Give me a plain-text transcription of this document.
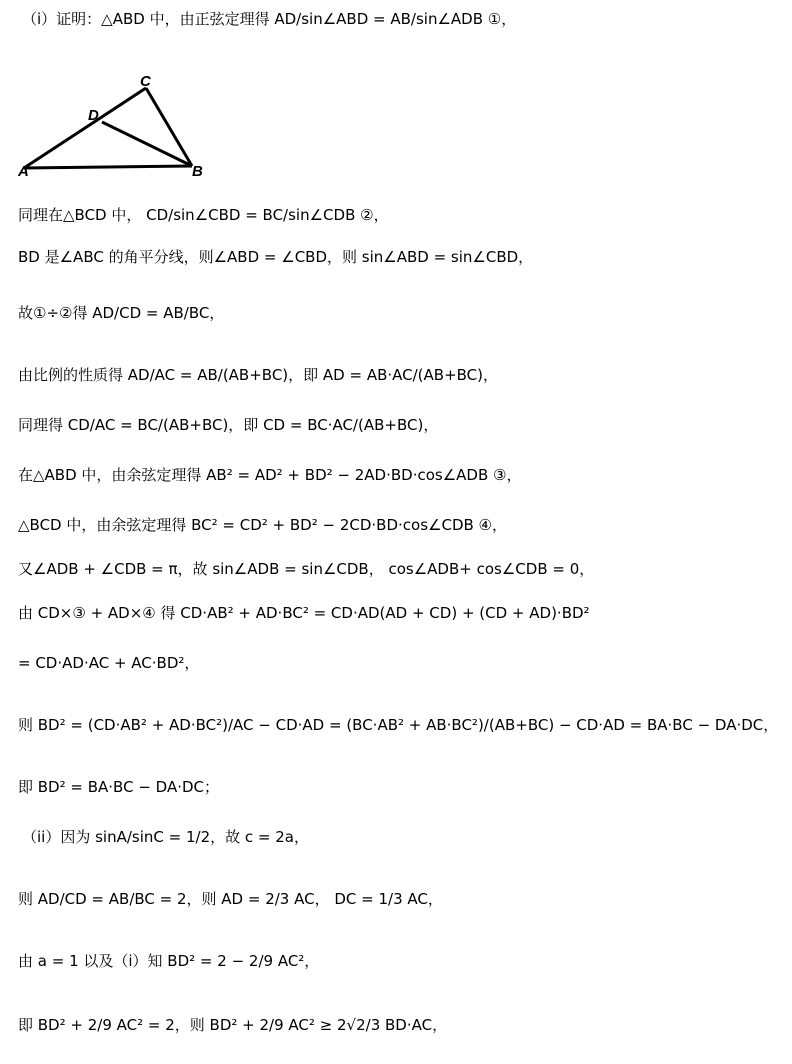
A	B
C
D
（i）证明：△ABD 中，由正弦定理得 AD/sin∠ABD = AB/sin∠ADB ①，
同理在△BCD 中， CD/sin∠CBD = BC/sin∠CDB ②，
BD 是∠ABC 的角平分线，则∠ABD = ∠CBD，则 sin∠ABD = sin∠CBD，
故①÷②得 AD/CD = AB/BC，
由比例的性质得 AD/AC = AB/(AB+BC)，即 AD = AB·AC/(AB+BC)，
同理得 CD/AC = BC/(AB+BC)，即 CD = BC·AC/(AB+BC)，
在△ABD 中，由余弦定理得 AB² = AD² + BD² − 2AD·BD·cos∠ADB ③，
△BCD 中，由余弦定理得 BC² = CD² + BD² − 2CD·BD·cos∠CDB ④，
又∠ADB + ∠CDB = π，故 sin∠ADB = sin∠CDB， cos∠ADB+ cos∠CDB = 0，
由 CD×③ + AD×④ 得 CD·AB² + AD·BC² = CD·AD(AD + CD) + (CD + AD)·BD²
= CD·AD·AC + AC·BD²，
则 BD² = (CD·AB² + AD·BC²)/AC − CD·AD = (BC·AB² + AB·BC²)/(AB+BC) − CD·AD = BA·BC − DA·DC，
即 BD² = BA·BC − DA·DC；
（ii）因为 sinA/sinC = 1/2，故 c = 2a，
则 AD/CD = AB/BC = 2，则 AD = 2/3 AC， DC = 1/3 AC，
由 a = 1 以及（i）知 BD² = 2 − 2/9 AC²，
即 BD² + 2/9 AC² = 2，则 BD² + 2/9 AC² ≥ 2√2/3 BD·AC，
